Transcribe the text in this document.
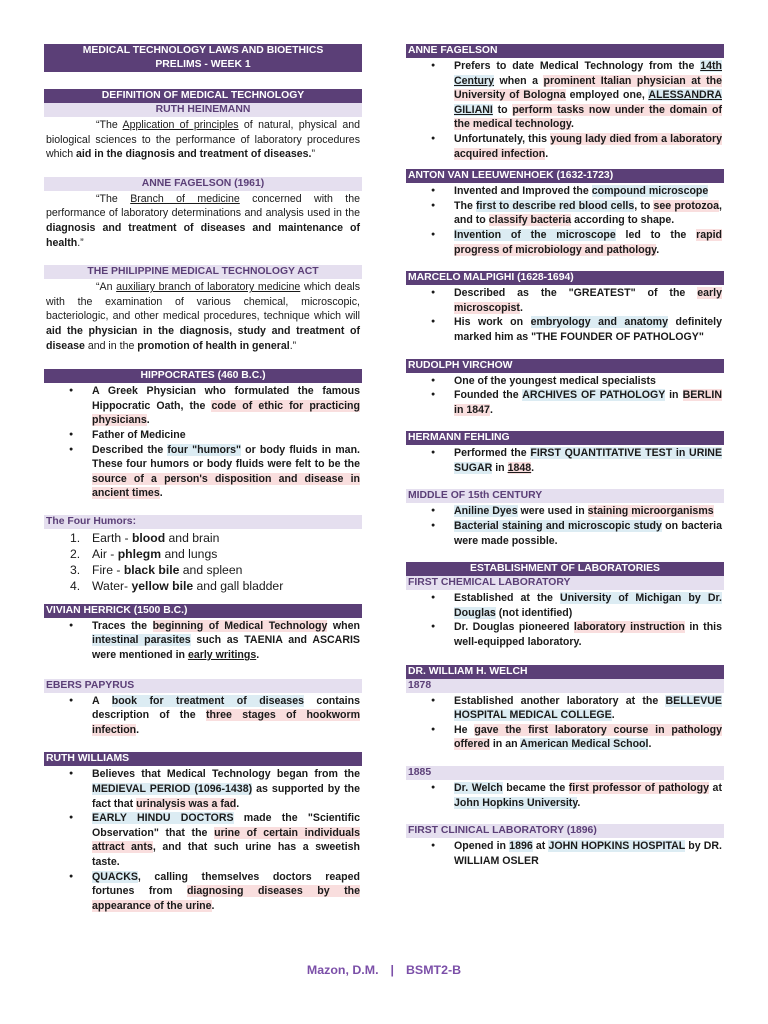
MEDICAL TECHNOLOGY LAWS AND BIOETHICS
PRELIMS - WEEK 1
DEFINITION OF MEDICAL TECHNOLOGY
RUTH HEINEMANN

“The Application of principles of natural, physical and biological sciences to the performance of laboratory procedures which aid in the diagnosis and treatment of diseases.”

ANNE FAGELSON (1961)

“The Branch of medicine concerned with the performance of laboratory determinations and analysis used in the diagnosis and treatment of diseases and maintenance of health.”

THE PHILIPPINE MEDICAL TECHNOLOGY ACT

“An auxiliary branch of laboratory medicine which deals with the examination of various chemical, microscopic, bacteriologic, and other medical procedures, technique which will aid the physician in the diagnosis, study and treatment of disease and in the promotion of health in general.”

HIPPOCRATES (460 B.C.)
● A Greek Physician who formulated the famous Hippocratic Oath, the code of ethic for practicing physicians.
● Father of Medicine
● Described the four "humors" or body fluids in man. These four humors or body fluids were felt to be the source of a person's disposition and disease in ancient times.
The Four Humors:
1. Earth - blood and brain
2. Air - phlegm and lungs
3. Fire - black bile and spleen
4. Water- yellow bile and gall bladder
VIVIAN HERRICK (1500 B.C.)
● Traces the beginning of Medical Technology when intestinal parasites such as TAENIA and ASCARIS were mentioned in early writings.
EBERS PAPYRUS
● A book for treatment of diseases contains description of the three stages of hookworm infection.
RUTH WILLIAMS
● Believes that Medical Technology began from the MEDIEVAL PERIOD (1096-1438) as supported by the fact that urinalysis was a fad.
● EARLY HINDU DOCTORS made the "Scientific Observation" that the urine of certain individuals attract ants, and that such urine has a sweetish taste.
● QUACKS, calling themselves doctors reaped fortunes from diagnosing diseases by the appearance of the urine.
ANNE FAGELSON
● Prefers to date Medical Technology from the 14th Century when a prominent Italian physician at the University of Bologna employed one, ALESSANDRA GILIANI to perform tasks now under the domain of the medical technology.
● Unfortunately, this young lady died from a laboratory acquired infection.
ANTON VAN LEEUWENHOEK (1632-1723)
● Invented and Improved the compound microscope
● The first to describe red blood cells, to see protozoa, and to classify bacteria according to shape.
● Invention of the microscope led to the rapid progress of microbiology and pathology.
MARCELO MALPIGHI (1628-1694)
● Described as the "GREATEST" of the early microscopist.
● His work on embryology and anatomy definitely marked him as "THE FOUNDER OF PATHOLOGY"
RUDOLPH VIRCHOW
● One of the youngest medical specialists
● Founded the ARCHIVES OF PATHOLOGY in BERLIN in 1847.
HERMANN FEHLING
● Performed the FIRST QUANTITATIVE TEST in URINE SUGAR in 1848.
MIDDLE OF 15th CENTURY
● Aniline Dyes were used in staining microorganisms
● Bacterial staining and microscopic study on bacteria were made possible.
ESTABLISHMENT OF LABORATORIES
FIRST CHEMICAL LABORATORY
● Established at the University of Michigan by Dr. Douglas (not identified)
● Dr. Douglas pioneered laboratory instruction in this well-equipped laboratory.
DR. WILLIAM H. WELCH
1878
● Established another laboratory at the BELLEVUE HOSPITAL MEDICAL COLLEGE.
● He gave the first laboratory course in pathology offered in an American Medical School.
1885
● Dr. Welch became the first professor of pathology at John Hopkins University.
FIRST CLINICAL LABORATORY (1896)
● Opened in 1896 at JOHN HOPKINS HOSPITAL by DR. WILLIAM OSLER
Mazon, D.M. | BSMT2-B
